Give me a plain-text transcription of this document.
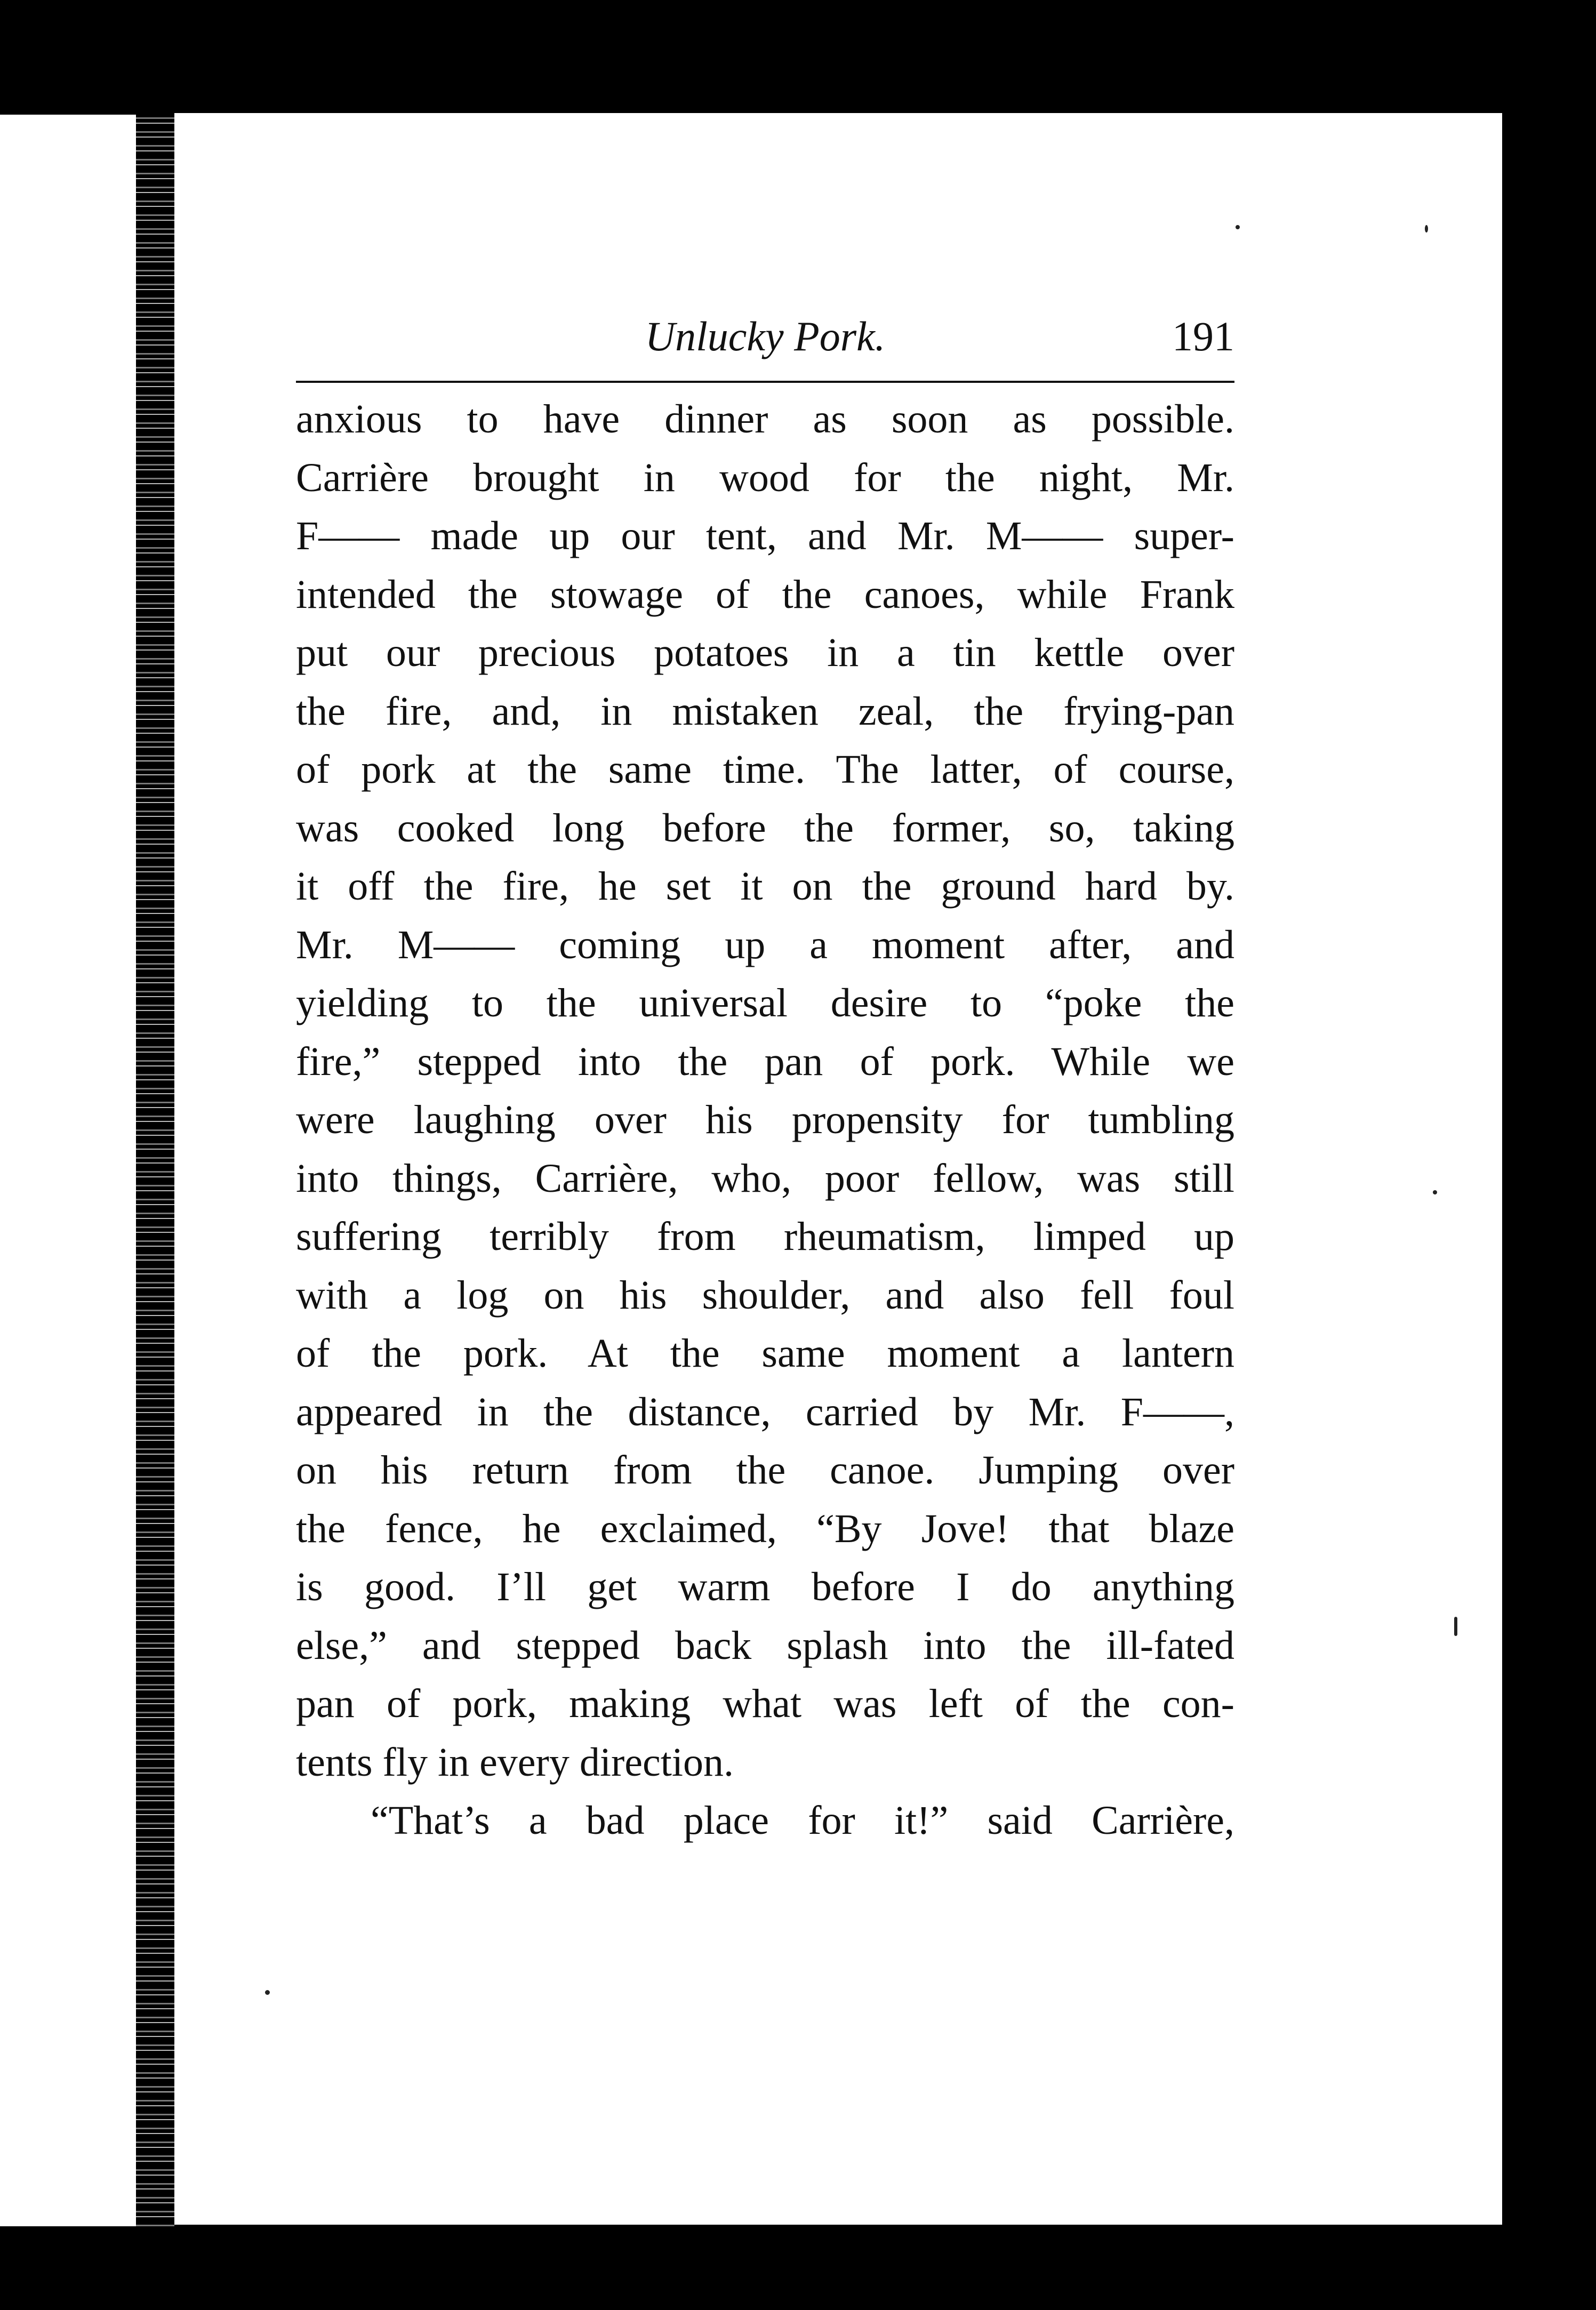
Unlucky Pork.	191
anxious to have dinner as soon as possible.
Carrière brought in wood for the night, Mr.
F—— made up our tent, and Mr. M—— super-
intended the stowage of the canoes, while Frank
put our precious potatoes in a tin kettle over
the fire, and, in mistaken zeal, the frying-pan
of pork at the same time. The latter, of course,
was cooked long before the former, so, taking
it off the fire, he set it on the ground hard by.
Mr. M—— coming up a moment after, and
yielding to the universal desire to “poke the
fire,” stepped into the pan of pork. While we
were laughing over his propensity for tumbling
into things, Carrière, who, poor fellow, was still
suffering terribly from rheumatism, limped up
with a log on his shoulder, and also fell foul
of the pork. At the same moment a lantern
appeared in the distance, carried by Mr. F——,
on his return from the canoe. Jumping over
the fence, he exclaimed, “By Jove! that blaze
is good. I’ll get warm before I do anything
else,” and stepped back splash into the ill-fated
pan of pork, making what was left of the con-
tents fly in every direction.
“That’s a bad place for it!” said Carrière,
